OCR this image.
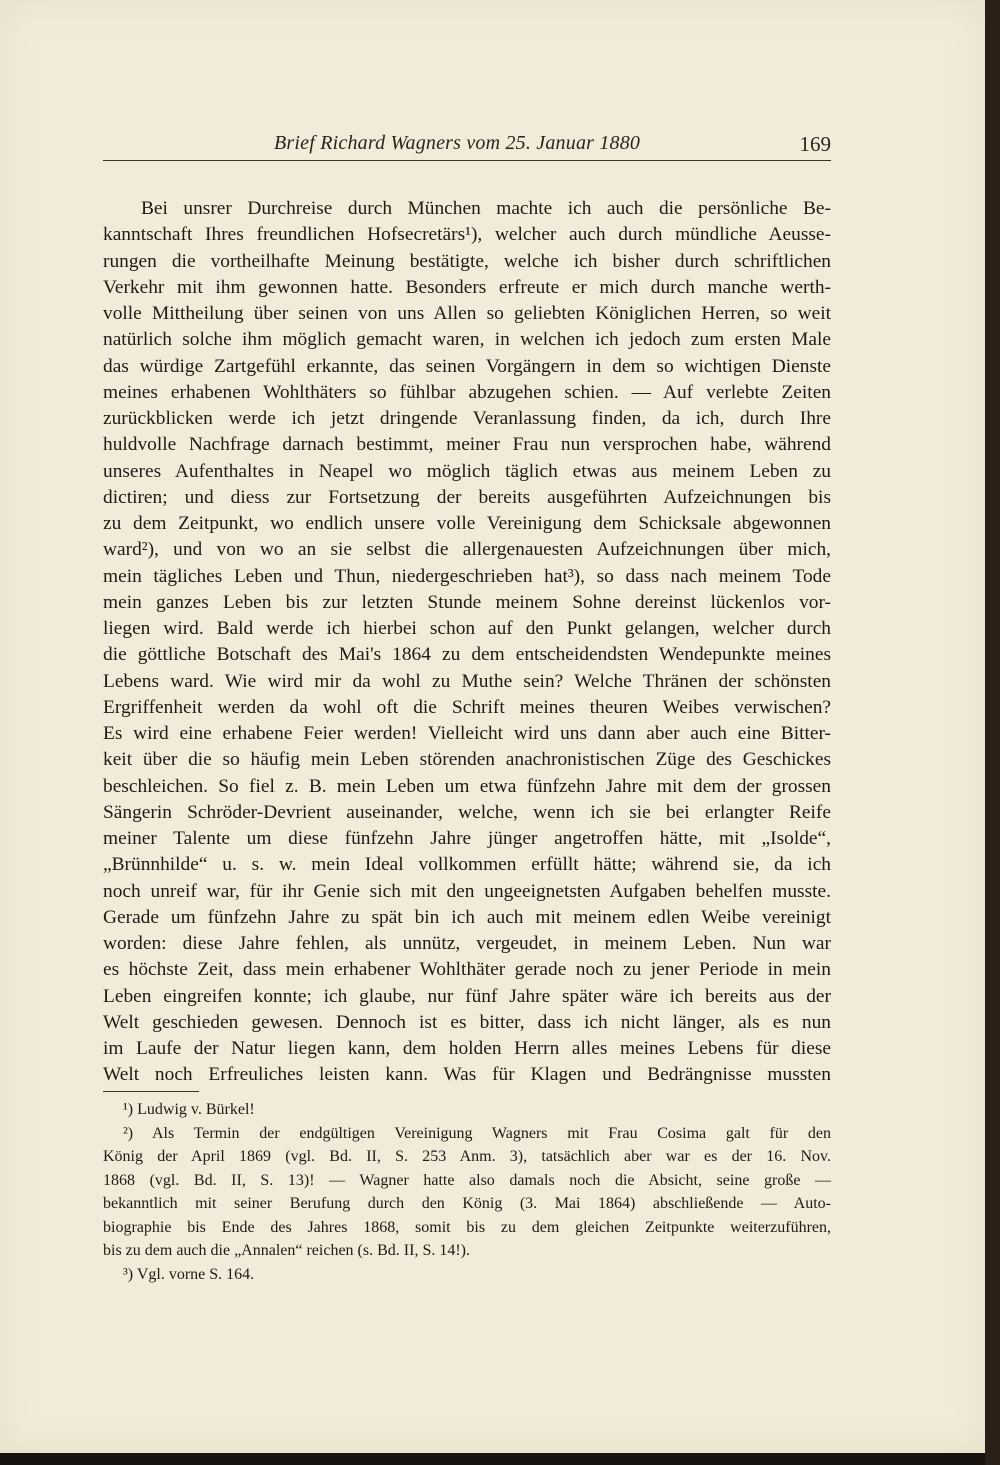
Brief Richard Wagners vom 25. Januar 1880	169
Bei unsrer Durchreise durch München machte ich auch die persönliche Be-
kanntschaft Ihres freundlichen Hofsecretärs¹), welcher auch durch mündliche Aeusse-
rungen die vortheilhafte Meinung bestätigte, welche ich bisher durch schriftlichen
Verkehr mit ihm gewonnen hatte. Besonders erfreute er mich durch manche werth-
volle Mittheilung über seinen von uns Allen so geliebten Königlichen Herren, so weit
natürlich solche ihm möglich gemacht waren, in welchen ich jedoch zum ersten Male
das würdige Zartgefühl erkannte, das seinen Vorgängern in dem so wichtigen Dienste
meines erhabenen Wohlthäters so fühlbar abzugehen schien. — Auf verlebte Zeiten
zurückblicken werde ich jetzt dringende Veranlassung finden, da ich, durch Ihre
huldvolle Nachfrage darnach bestimmt, meiner Frau nun versprochen habe, während
unseres Aufenthaltes in Neapel wo möglich täglich etwas aus meinem Leben zu
dictiren; und diess zur Fortsetzung der bereits ausgeführten Aufzeichnungen bis
zu dem Zeitpunkt, wo endlich unsere volle Vereinigung dem Schicksale abgewonnen
ward²), und von wo an sie selbst die allergenauesten Aufzeichnungen über mich,
mein tägliches Leben und Thun, niedergeschrieben hat³), so dass nach meinem Tode
mein ganzes Leben bis zur letzten Stunde meinem Sohne dereinst lückenlos vor-
liegen wird. Bald werde ich hierbei schon auf den Punkt gelangen, welcher durch
die göttliche Botschaft des Mai's 1864 zu dem entscheidendsten Wendepunkte meines
Lebens ward. Wie wird mir da wohl zu Muthe sein? Welche Thränen der schönsten
Ergriffenheit werden da wohl oft die Schrift meines theuren Weibes verwischen?
Es wird eine erhabene Feier werden! Vielleicht wird uns dann aber auch eine Bitter-
keit über die so häufig mein Leben störenden anachronistischen Züge des Geschickes
beschleichen. So fiel z. B. mein Leben um etwa fünfzehn Jahre mit dem der grossen
Sängerin Schröder-Devrient auseinander, welche, wenn ich sie bei erlangter Reife
meiner Talente um diese fünfzehn Jahre jünger angetroffen hätte, mit „Isolde“,
„Brünnhilde“ u. s. w. mein Ideal vollkommen erfüllt hätte; während sie, da ich
noch unreif war, für ihr Genie sich mit den ungeeignetsten Aufgaben behelfen musste.
Gerade um fünfzehn Jahre zu spät bin ich auch mit meinem edlen Weibe vereinigt
worden: diese Jahre fehlen, als unnütz, vergeudet, in meinem Leben. Nun war
es höchste Zeit, dass mein erhabener Wohlthäter gerade noch zu jener Periode in mein
Leben eingreifen konnte; ich glaube, nur fünf Jahre später wäre ich bereits aus der
Welt geschieden gewesen. Dennoch ist es bitter, dass ich nicht länger, als es nun
im Laufe der Natur liegen kann, dem holden Herrn alles meines Lebens für diese
Welt noch Erfreuliches leisten kann. Was für Klagen und Bedrängnisse mussten
¹) Ludwig v. Bürkel!
²) Als Termin der endgültigen Vereinigung Wagners mit Frau Cosima galt für den
König der April 1869 (vgl. Bd. II, S. 253 Anm. 3), tatsächlich aber war es der 16. Nov.
1868 (vgl. Bd. II, S. 13)! — Wagner hatte also damals noch die Absicht, seine große —
bekanntlich mit seiner Berufung durch den König (3. Mai 1864) abschließende — Auto-
biographie bis Ende des Jahres 1868, somit bis zu dem gleichen Zeitpunkte weiterzuführen,
bis zu dem auch die „Annalen“ reichen (s. Bd. II, S. 14!).
³) Vgl. vorne S. 164.
